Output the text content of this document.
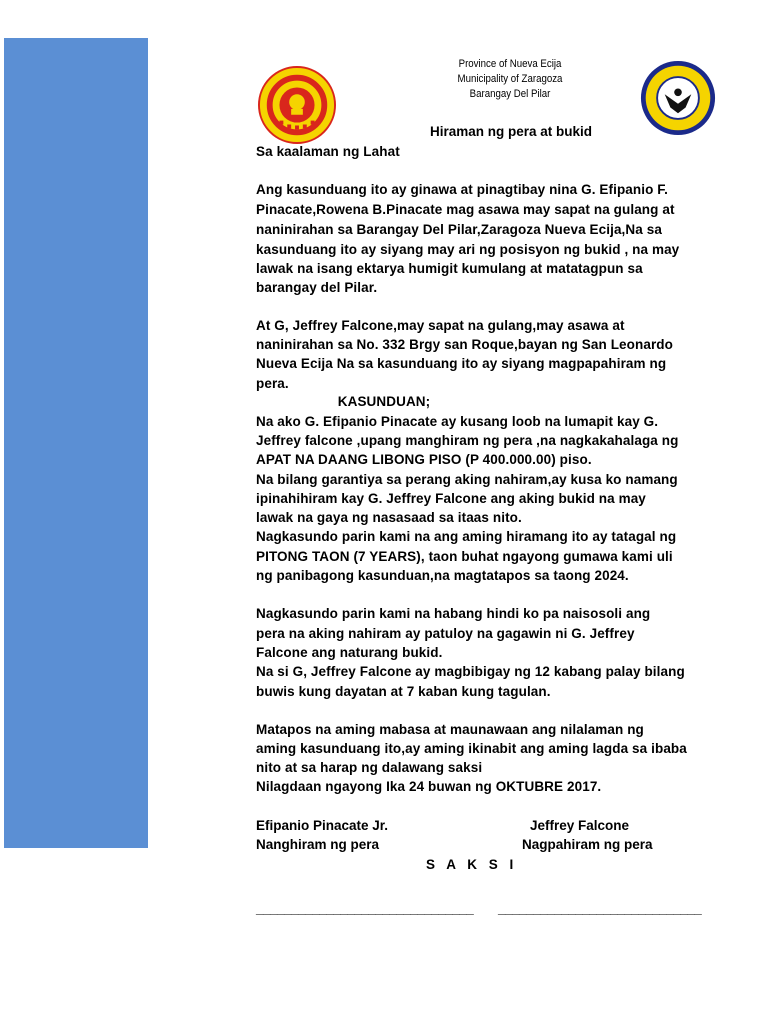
Province of Nueva Ecija
Municipality of Zaragoza
Barangay Del Pilar
Hiraman ng pera at bukid
Sa kaalaman ng Lahat
Ang kasunduang ito ay ginawa at pinagtibay nina G. Efipanio F.
Pinacate,Rowena B.Pinacate mag asawa may sapat na gulang at
naninirahan sa Barangay Del Pilar,Zaragoza Nueva Ecija,Na sa
kasunduang ito ay siyang may ari ng posisyon ng bukid , na may
lawak na isang ektarya humigit kumulang at matatagpun sa
barangay del Pilar.
At G, Jeffrey Falcone,may sapat na gulang,may asawa at
naninirahan sa No. 332 Brgy san Roque,bayan ng San Leonardo
Nueva Ecija Na sa kasunduang ito ay siyang magpapahiram ng
pera.
KASUNDUAN;
Na ako G. Efipanio Pinacate ay kusang loob na lumapit kay G.
Jeffrey falcone ,upang manghiram ng pera ,na nagkakahalaga ng
APAT NA DAANG LIBONG PISO (P 400.000.00) piso.
Na bilang garantiya sa perang aking nahiram,ay kusa ko namang
ipinahihiram kay G. Jeffrey Falcone ang aking bukid na may
lawak na gaya ng nasasaad sa itaas nito.
Nagkasundo parin kami na ang aming hiramang ito ay tatagal ng
PITONG TAON (7 YEARS), taon buhat ngayong gumawa kami uli
ng panibagong kasunduan,na magtatapos sa taong 2024.
Nagkasundo parin kami na habang hindi ko pa naisosoli ang
pera na aking nahiram ay patuloy na gagawin ni G. Jeffrey
Falcone ang naturang bukid.
Na si G, Jeffrey Falcone ay magbibigay ng 12 kabang palay bilang
buwis kung dayatan at 7 kaban kung tagulan.
Matapos na aming mabasa at maunawaan ang nilalaman ng
aming kasunduang ito,ay aming ikinabit ang aming lagda sa ibaba
nito at sa harap ng dalawang saksi
Nilagdaan ngayong Ika 24 buwan ng OKTUBRE 2017.
Efipanio Pinacate Jr.
Nanghiram ng pera
Jeffrey Falcone
Nagpahiram ng pera
S A K S I
_______________________________ _____________________________
